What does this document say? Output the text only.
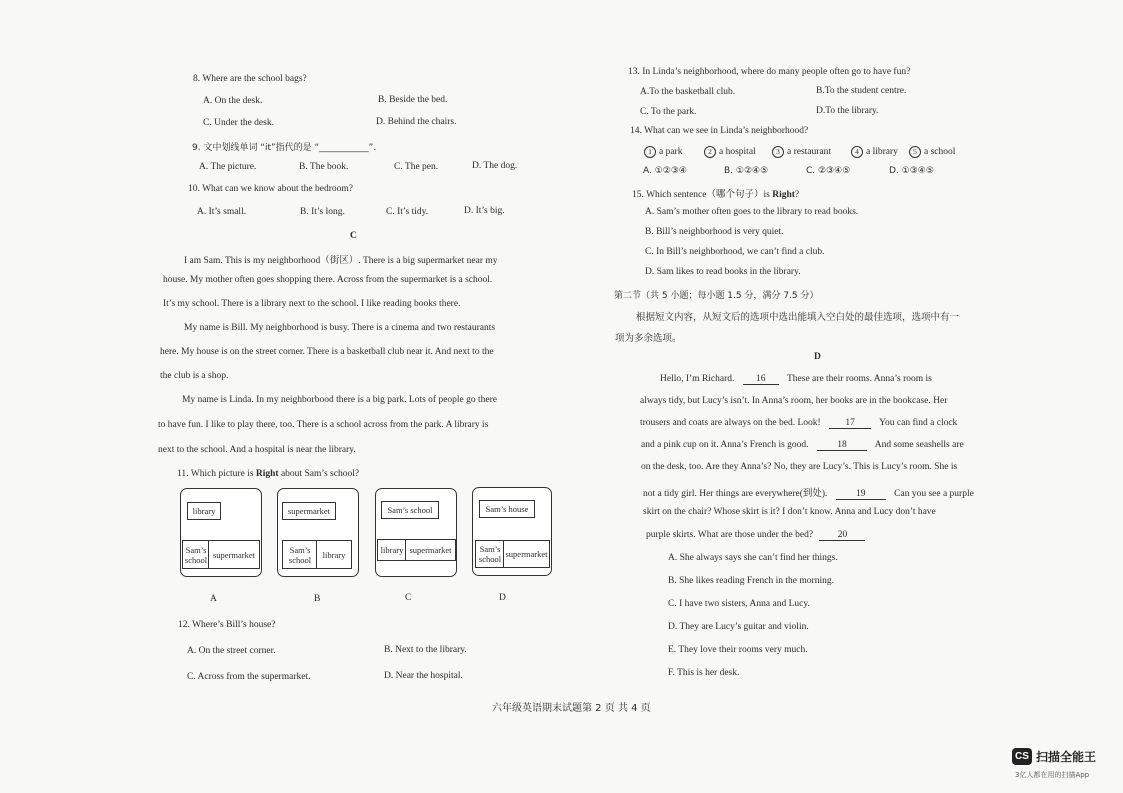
8. Where are the school bags?
A. On the desk.	B. Beside the bed.
C. Under the desk.	D. Behind the chairs.
9. 文中划线单词 “it”指代的是 “___________”.
A. The picture.	B. The book.	C. The pen.	D. The dog.
10. What can we know about the bedroom?
A. It’s small.	B. It’s long.	C. It’s tidy.	D. It’s big.
C
I am Sam. This is my neighborhood（街区）. There is a big supermarket near my
house. My mother often goes shopping there. Across from the supermarket is a school.
It’s my school. There is a library next to the school. I like reading books there.
My name is Bill. My neighborhood is busy. There is a cinema and two restaurants
here. My house is on the street corner. There is a basketball club near it. And next to the
the club is a shop.
My name is Linda. In my neighborbood there is a big park. Lots of people go there
to have fun. I like to play there, too. There is a school across from the park. A library is
next to the school. And a hospital is near the library.
11. Which picture is Right about Sam’s school?
library
Sam’s school supermarket
supermarket
Sam’s school	library
Sam’s school
library supermarket
Sam’s house
Sam’s school supermarket
A	B	C	D
12. Where’s Bill’s house?
A. On the street corner.	B. Next to the library.
C. Across from the supermarket.	D. Near the hospital.
13. In Linda’s neighborhood, where do many people often go to have fun?
A.To the basketball club.	B.To the student centre.
C. To the park.	D.To the library.
14. What can we see in Linda’s neighborhood?
1 a park	2 a hospital	3 a restaurant	4 a library	5 a school
A. ①②③④	B. ①②④⑤	C. ②③④⑤	D. ①③④⑤
15. Which sentence（哪个句子）is Right?
A. Sam’s mother often goes to the library to read books.
B. Bill’s neighborhood is very quiet.
C. In Bill’s neighborhood, we can’t find a club.
D. Sam likes to read books in the library.
第二节（共 5 小题；每小题 1.5 分，满分 7.5 分）
根据短文内容，从短文后的选项中选出能填入空白处的最佳选项，选项中有一
项为多余选项。
D
Hello, I’m Richard. 16 These are their rooms. Anna’s room is
always tidy, but Lucy’s isn’t. In Anna’s room, her books are in the bookcase. Her
trousers and coats are always on the bed. Look!	17	You can find a clock
and a pink cup on it. Anna’s French is good.	18	And some seashells are
on the desk, too. Are they Anna’s? No, they are Lucy’s. This is Lucy’s room. She is
not a tidy girl. Her things are everywhere(到处).	19	Can you see a purple
skirt on the chair? Whose skirt is it? I don’t know. Anna and Lucy don’t have
purple skirts. What are those under the bed?	20
A. She always says she can’t find her things.
B. She likes reading French in the morning.
C. I have two sisters, Anna and Lucy.
D. They are Lucy’s guitar and violin.
E. They love their rooms very much.
F. This is her desk.
六年级英语期末试题第 2 页 共 4 页
CS 扫描全能王
3亿人都在用的扫描App
